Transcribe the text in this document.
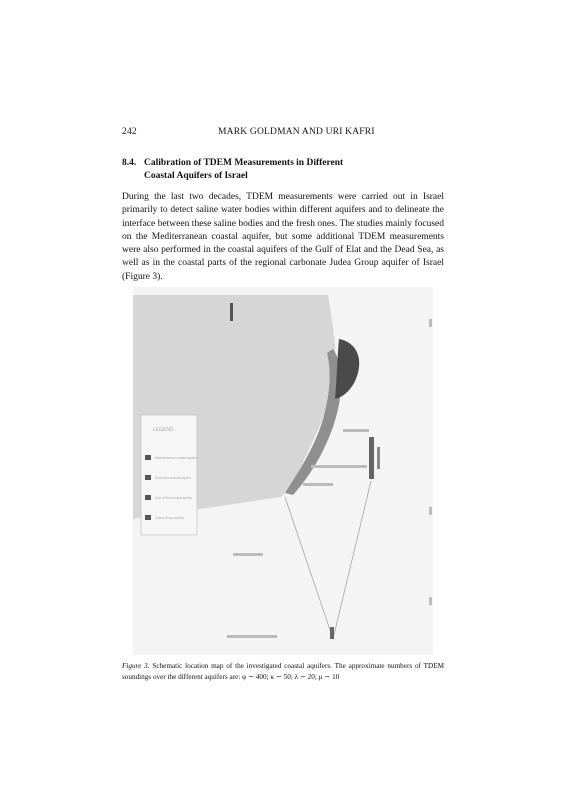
242	MARK GOLDMAN AND URI KAFRI
8.4. Calibration of TDEM Measurements in Different
Coastal Aquifers of Israel

During the last two decades, TDEM measurements were carried out in Israel primarily to detect saline water bodies within different aquifers and to delineate the interface between these saline bodies and the fresh ones. The studies mainly focused on the Mediterranean coastal aquifer, but some additional TDEM measurements were also performed in the coastal aquifers of the Gulf of Elat and the Dead Sea, as well as in the coastal parts of the regional carbonate Judea Group aquifer of Israel (Figure 3).

LEGEND
Mediterranean coastal aquifer
Dead Sea coastal aquifer
Gulf of Elat coastal aquifer
Judea Group aquifer
Figure 3. Schematic location map of the investigated coastal aquifers. The approximate numbers of TDEM soundings over the different aquifers are: φ ∼ 400; κ ∼ 50; λ ∼ 20; μ ∼ 10
